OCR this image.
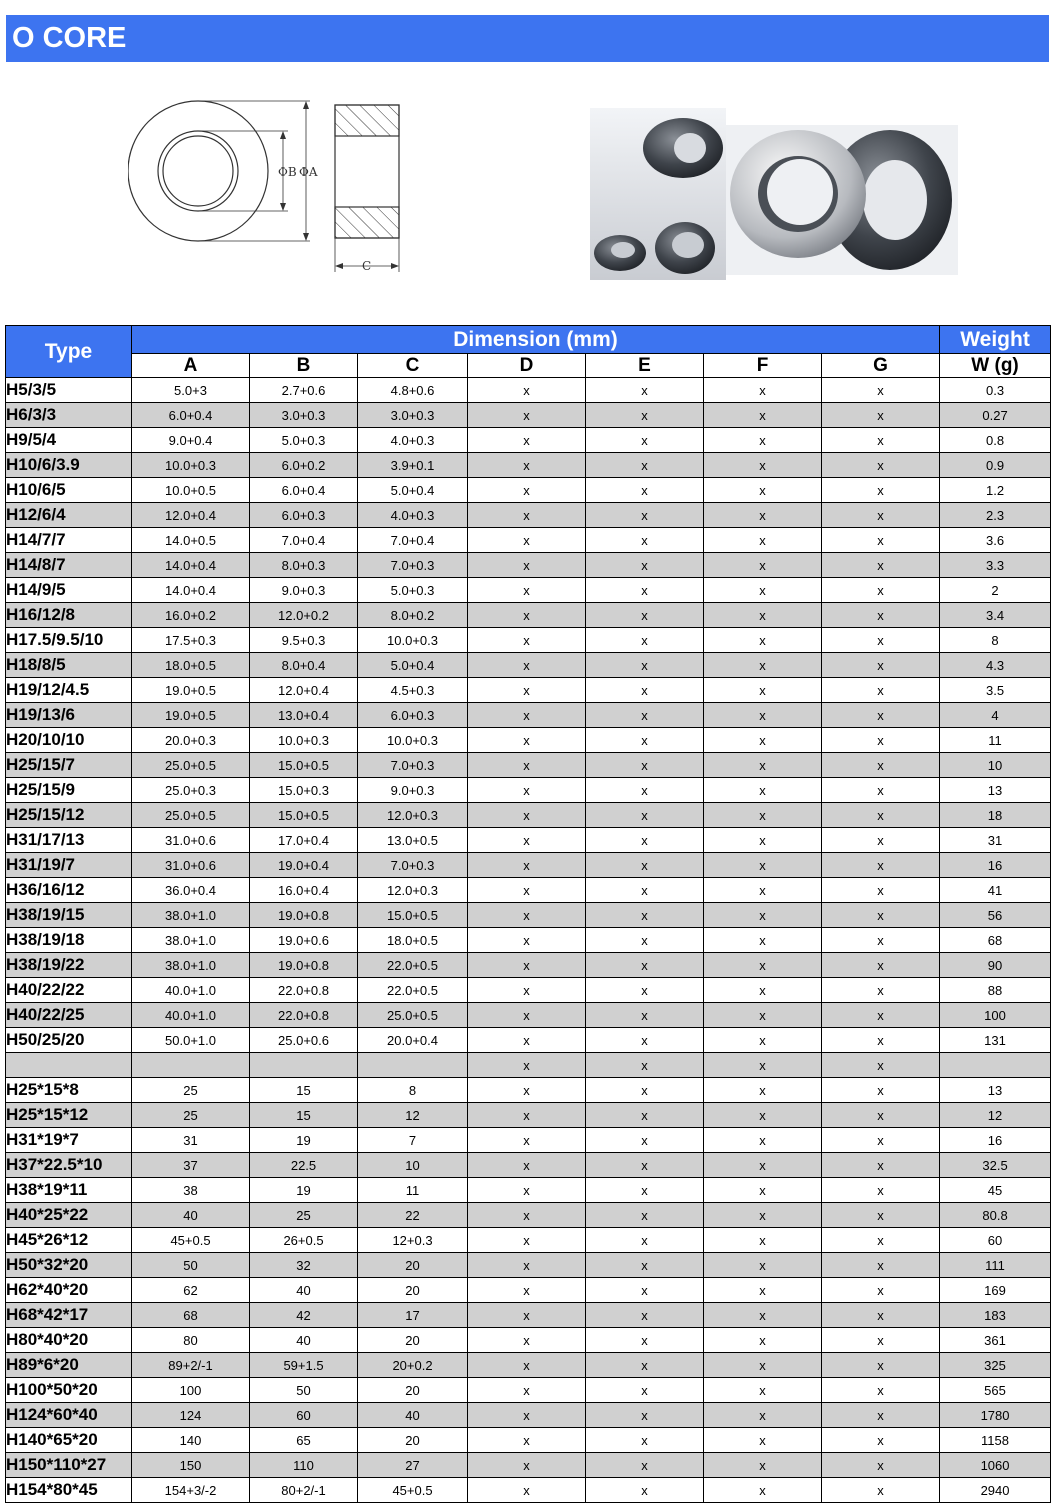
O CORE
ΦB ΦA
C
Type	Dimension (mm)							Weight
	A	B	C	D	E	F	G	W (g)
H5/3/5	5.0+3	2.7+0.6	4.8+0.6	x	x	x	x	0.3
H6/3/3	6.0+0.4	3.0+0.3	3.0+0.3	x	x	x	x	0.27
H9/5/4	9.0+0.4	5.0+0.3	4.0+0.3	x	x	x	x	0.8
H10/6/3.9	10.0+0.3	6.0+0.2	3.9+0.1	x	x	x	x	0.9
H10/6/5	10.0+0.5	6.0+0.4	5.0+0.4	x	x	x	x	1.2
H12/6/4	12.0+0.4	6.0+0.3	4.0+0.3	x	x	x	x	2.3
H14/7/7	14.0+0.5	7.0+0.4	7.0+0.4	x	x	x	x	3.6
H14/8/7	14.0+0.4	8.0+0.3	7.0+0.3	x	x	x	x	3.3
H14/9/5	14.0+0.4	9.0+0.3	5.0+0.3	x	x	x	x	2
H16/12/8	16.0+0.2	12.0+0.2	8.0+0.2	x	x	x	x	3.4
H17.5/9.5/10	17.5+0.3	9.5+0.3	10.0+0.3	x	x	x	x	8
H18/8/5	18.0+0.5	8.0+0.4	5.0+0.4	x	x	x	x	4.3
H19/12/4.5	19.0+0.5	12.0+0.4	4.5+0.3	x	x	x	x	3.5
H19/13/6	19.0+0.5	13.0+0.4	6.0+0.3	x	x	x	x	4
H20/10/10	20.0+0.3	10.0+0.3	10.0+0.3	x	x	x	x	11
H25/15/7	25.0+0.5	15.0+0.5	7.0+0.3	x	x	x	x	10
H25/15/9	25.0+0.3	15.0+0.3	9.0+0.3	x	x	x	x	13
H25/15/12	25.0+0.5	15.0+0.5	12.0+0.3	x	x	x	x	18
H31/17/13	31.0+0.6	17.0+0.4	13.0+0.5	x	x	x	x	31
H31/19/7	31.0+0.6	19.0+0.4	7.0+0.3	x	x	x	x	16
H36/16/12	36.0+0.4	16.0+0.4	12.0+0.3	x	x	x	x	41
H38/19/15	38.0+1.0	19.0+0.8	15.0+0.5	x	x	x	x	56
H38/19/18	38.0+1.0	19.0+0.6	18.0+0.5	x	x	x	x	68
H38/19/22	38.0+1.0	19.0+0.8	22.0+0.5	x	x	x	x	90
H40/22/22	40.0+1.0	22.0+0.8	22.0+0.5	x	x	x	x	88
H40/22/25	40.0+1.0	22.0+0.8	25.0+0.5	x	x	x	x	100
H50/25/20	50.0+1.0	25.0+0.6	20.0+0.4	x	x	x	x	131
				x	x	x	x	
H25*15*8	25	15	8	x	x	x	x	13
H25*15*12	25	15	12	x	x	x	x	12
H31*19*7	31	19	7	x	x	x	x	16
H37*22.5*10	37	22.5	10	x	x	x	x	32.5
H38*19*11	38	19	11	x	x	x	x	45
H40*25*22	40	25	22	x	x	x	x	80.8
H45*26*12	45+0.5	26+0.5	12+0.3	x	x	x	x	60
H50*32*20	50	32	20	x	x	x	x	111
H62*40*20	62	40	20	x	x	x	x	169
H68*42*17	68	42	17	x	x	x	x	183
H80*40*20	80	40	20	x	x	x	x	361
H89*6*20	89+2/-1	59+1.5	20+0.2	x	x	x	x	325
H100*50*20	100	50	20	x	x	x	x	565
H124*60*40	124	60	40	x	x	x	x	1780
H140*65*20	140	65	20	x	x	x	x	1158
H150*110*27	150	110	27	x	x	x	x	1060
H154*80*45	154+3/-2	80+2/-1	45+0.5	x	x	x	x	2940
